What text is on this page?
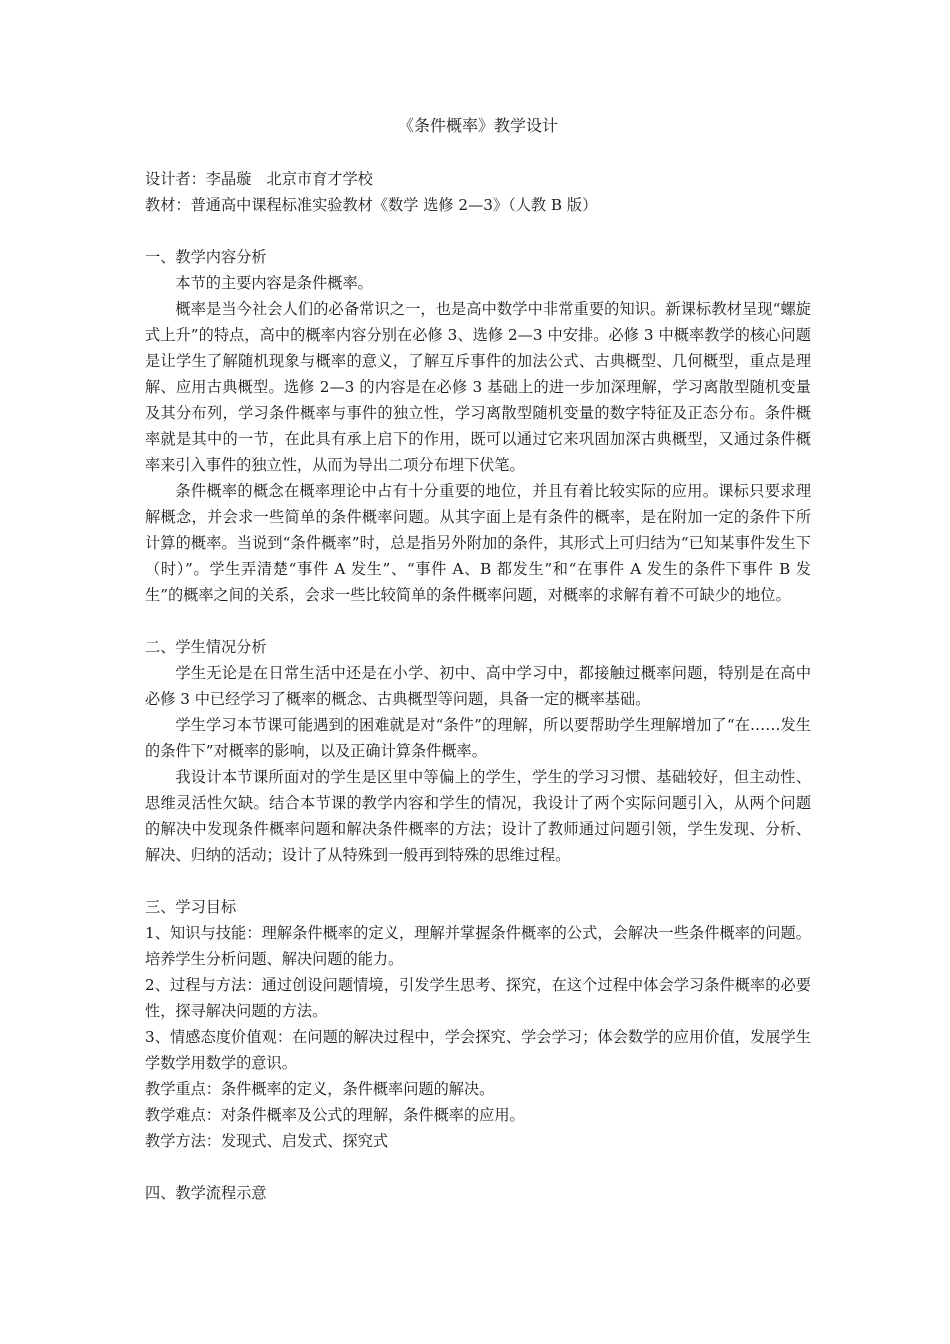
《条件概率》教学设计

设计者：李晶璇　北京市育才学校

教材：普通高中课程标准实验教材《数学 选修 2—3》（人教 B 版）

一、教学内容分析

本节的主要内容是条件概率。

概率是当今社会人们的必备常识之一，也是高中数学中非常重要的知识。新课标教材呈现“螺旋式上升”的特点，高中的概率内容分别在必修 3、选修 2—3 中安排。必修 3 中概率教学的核心问题是让学生了解随机现象与概率的意义，了解互斥事件的加法公式、古典概型、几何概型，重点是理解、应用古典概型。选修 2—3 的内容是在必修 3 基础上的进一步加深理解，学习离散型随机变量及其分布列，学习条件概率与事件的独立性，学习离散型随机变量的数字特征及正态分布。条件概率就是其中的一节，在此具有承上启下的作用，既可以通过它来巩固加深古典概型，又通过条件概率来引入事件的独立性，从而为导出二项分布埋下伏笔。

条件概率的概念在概率理论中占有十分重要的地位，并且有着比较实际的应用。课标只要求理解概念，并会求一些简单的条件概率问题。从其字面上是有条件的概率，是在附加一定的条件下所计算的概率。当说到“条件概率”时，总是指另外附加的条件，其形式上可归结为“已知某事件发生下（时）”。学生弄清楚“事件 A 发生”、“事件 A、B 都发生”和“在事件 A 发生的条件下事件 B 发生”的概率之间的关系，会求一些比较简单的条件概率问题，对概率的求解有着不可缺少的地位。

二、学生情况分析

学生无论是在日常生活中还是在小学、初中、高中学习中，都接触过概率问题，特别是在高中必修 3 中已经学习了概率的概念、古典概型等问题，具备一定的概率基础。

学生学习本节课可能遇到的困难就是对“条件”的理解，所以要帮助学生理解增加了“在……发生的条件下”对概率的影响，以及正确计算条件概率。

我设计本节课所面对的学生是区里中等偏上的学生，学生的学习习惯、基础较好，但主动性、思维灵活性欠缺。结合本节课的教学内容和学生的情况，我设计了两个实际问题引入，从两个问题的解决中发现条件概率问题和解决条件概率的方法；设计了教师通过问题引领，学生发现、分析、解决、归纳的活动；设计了从特殊到一般再到特殊的思维过程。

三、学习目标

1、知识与技能：理解条件概率的定义，理解并掌握条件概率的公式，会解决一些条件概率的问题。培养学生分析问题、解决问题的能力。

2、过程与方法：通过创设问题情境，引发学生思考、探究，在这个过程中体会学习条件概率的必要性，探寻解决问题的方法。

3、情感态度价值观：在问题的解决过程中，学会探究、学会学习；体会数学的应用价值，发展学生学数学用数学的意识。

教学重点：条件概率的定义，条件概率问题的解决。

教学难点：对条件概率及公式的理解，条件概率的应用。

教学方法：发现式、启发式、探究式

四、教学流程示意
